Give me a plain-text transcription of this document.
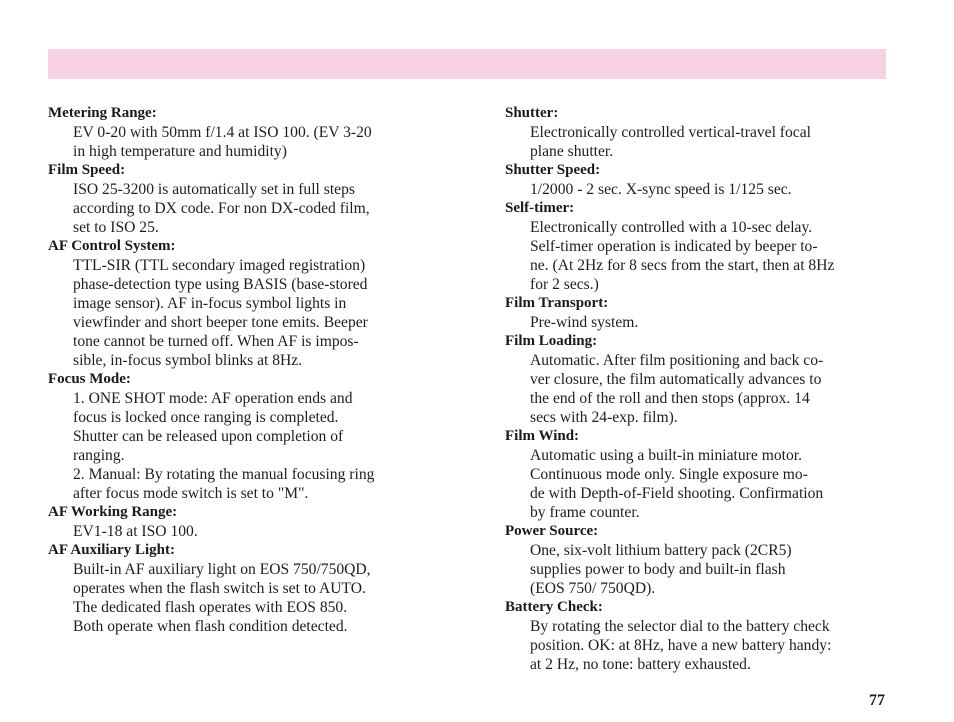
Metering Range:
EV 0-20 with 50mm f/1.4 at ISO 100. (EV 3-20
in high temperature and humidity)
Film Speed:
ISO 25-3200 is automatically set in full steps
according to DX code. For non DX-coded film,
set to ISO 25.
AF Control System:
TTL-SIR (TTL secondary imaged registration)
phase-detection type using BASIS (base-stored
image sensor). AF in-focus symbol lights in
viewfinder and short beeper tone emits. Beeper
tone cannot be turned off. When AF is impos-
sible, in-focus symbol blinks at 8Hz.
Focus Mode:
1. ONE SHOT mode: AF operation ends and
focus is locked once ranging is completed.
Shutter can be released upon completion of
ranging.
2. Manual: By rotating the manual focusing ring
after focus mode switch is set to "M".
AF Working Range:
EV1-18 at ISO 100.
AF Auxiliary Light:
Built-in AF auxiliary light on EOS 750/750QD,
operates when the flash switch is set to AUTO.
The dedicated flash operates with EOS 850.
Both operate when flash condition detected.
Shutter:
Electronically controlled vertical-travel focal
plane shutter.
Shutter Speed:
1/2000 - 2 sec. X-sync speed is 1/125 sec.
Self-timer:
Electronically controlled with a 10-sec delay.
Self-timer operation is indicated by beeper to-
ne. (At 2Hz for 8 secs from the start, then at 8Hz
for 2 secs.)
Film Transport:
Pre-wind system.
Film Loading:
Automatic. After film positioning and back co-
ver closure, the film automatically advances to
the end of the roll and then stops (approx. 14
secs with 24-exp. film).
Film Wind:
Automatic using a built-in miniature motor.
Continuous mode only. Single exposure mo-
de with Depth-of-Field shooting. Confirmation
by frame counter.
Power Source:
One, six-volt lithium battery pack (2CR5)
supplies power to body and built-in flash
(EOS 750/ 750QD).
Battery Check:
By rotating the selector dial to the battery check
position. OK: at 8Hz, have a new battery handy:
at 2 Hz, no tone: battery exhausted.
77
